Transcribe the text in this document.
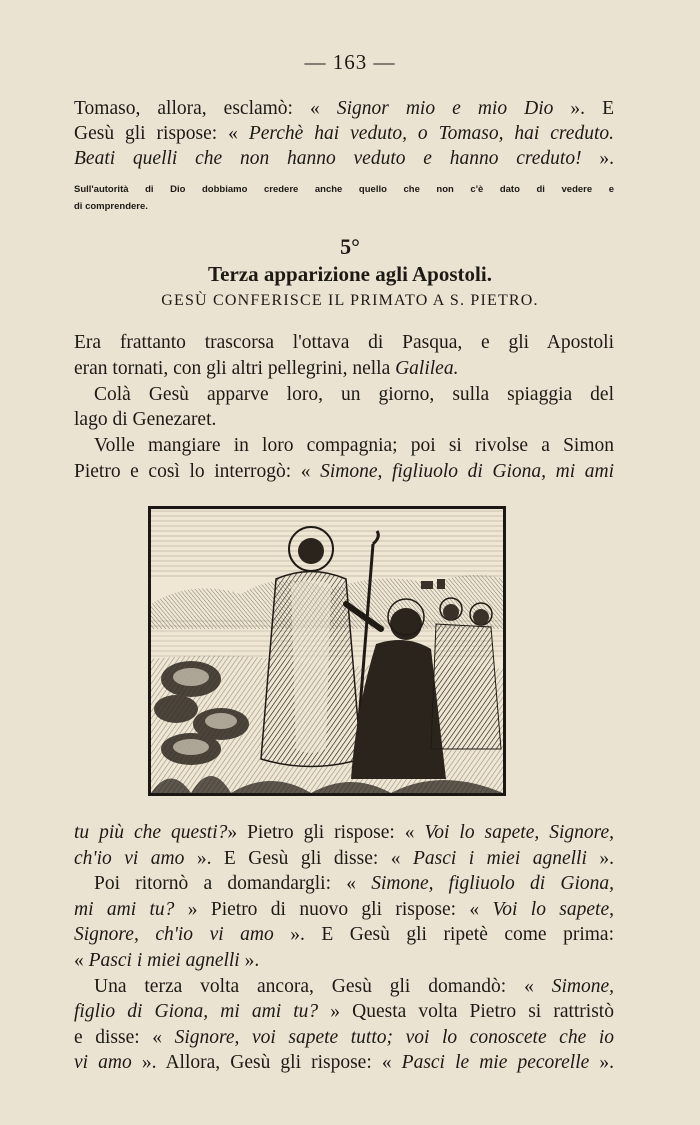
— 163 —
Tomaso, allora, esclamò: « Signor mio e mio Dio ». E
Gesù gli rispose: « Perchè hai veduto, o Tomaso, hai creduto.
Beati quelli che non hanno veduto e hanno creduto! ».
Sull'autorità di Dio dobbiamo credere anche quello che non c'è dato di vedere e
di comprendere.
5°
Terza apparizione agli Apostoli.
GESÙ CONFERISCE IL PRIMATO A S. PIETRO.
Era frattanto trascorsa l'ottava di Pasqua, e gli Apostoli
eran tornati, con gli altri pellegrini, nella Galilea.
Colà Gesù apparve loro, un giorno, sulla spiaggia del
lago di Genezaret.
Volle mangiare in loro compagnia; poi si rivolse a Simon
Pietro e così lo interrogò: « Simone, figliuolo di Giona, mi ami
tu più che questi?» Pietro gli rispose: « Voi lo sapete, Signore,
ch'io vi amo ». E Gesù gli disse: « Pasci i miei agnelli ».
Poi ritornò a domandargli: « Simone, figliuolo di Giona,
mi ami tu? » Pietro di nuovo gli rispose: « Voi lo sapete,
Signore, ch'io vi amo ». E Gesù gli ripetè come prima:
« Pasci i miei agnelli ».
Una terza volta ancora, Gesù gli domandò: « Simone,
figlio di Giona, mi ami tu? » Questa volta Pietro si rattristò
e disse: « Signore, voi sapete tutto; voi lo conoscete che io
vi amo ». Allora, Gesù gli rispose: « Pasci le mie pecorelle ».
